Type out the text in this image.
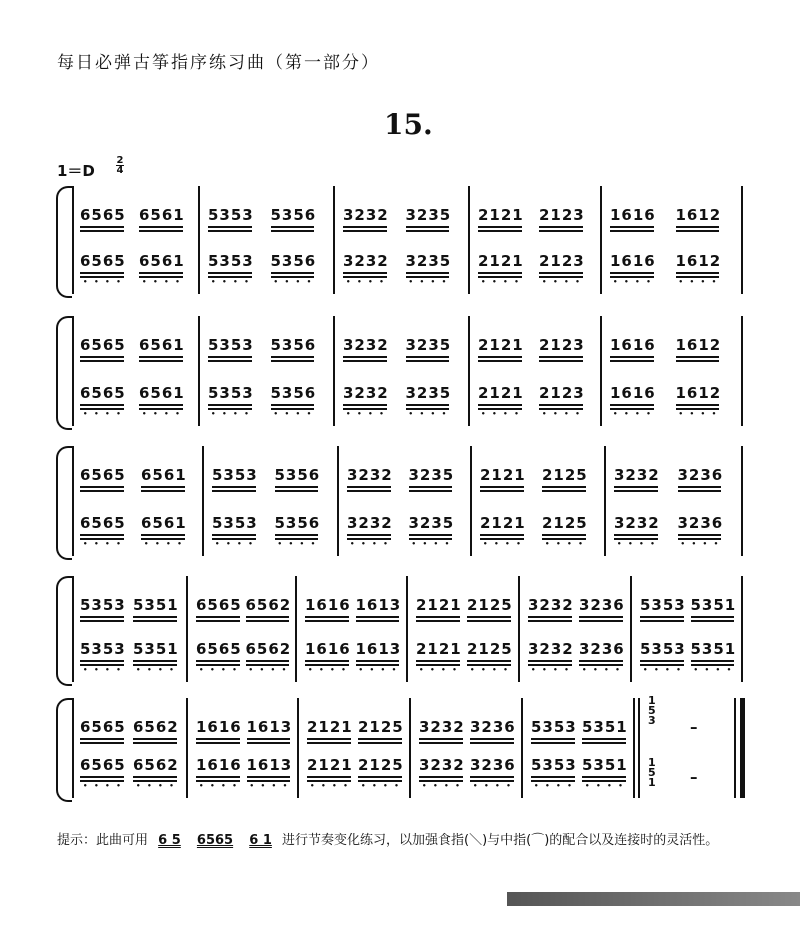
每日必弹古筝指序练习曲（第一部分）
15.
1＝D
2
4
6565 6561 5353 5356 3232 3235 2121 2123 1616 1612
6565
••••
6561
••••
5353
••••
5356
••••
3232
••••
3235
••••
2121
••••
2123
••••
1616
••••
1612
••••
6565 6561 5353 5356 3232 3235 2121 2123 1616 1612
6565
••••
6561
••••
5353
••••
5356
••••
3232
••••
3235
••••
2121
••••
2123
••••
1616
••••
1612
••••
6565 6561 5353 5356 3232 3235 2121 2125 3232 3236
6565
••••
6561
••••
5353
••••
5356
••••
3232
••••
3235
••••
2121
••••
2125
••••
3232
••••
3236
••••
5353 5351 6565 6562 1616 1613 2121 2125 3232 3236 5353 5351
5353
••••
5351
••••
6565
••••
6562
••••
1616
••••
1613
••••
2121
••••
2125
••••
3232
••••
3236
••••
5353
••••
5351
••••
6565 6562 1616 1613 2121 2125 3232 3236 5353 5351
6565
••••
6562
••••
1616
••••
1613
••••
2121
••••
2125
••••
3232
••••
3236
••••
5353
••••
5351
••••
1
5
3
1
5
1
–
–
提示：此曲可用 6 5 6565 6 1 进行节奏变化练习，以加强食指(＼)与中指(⌒)的配合以及连接时的灵活性。
